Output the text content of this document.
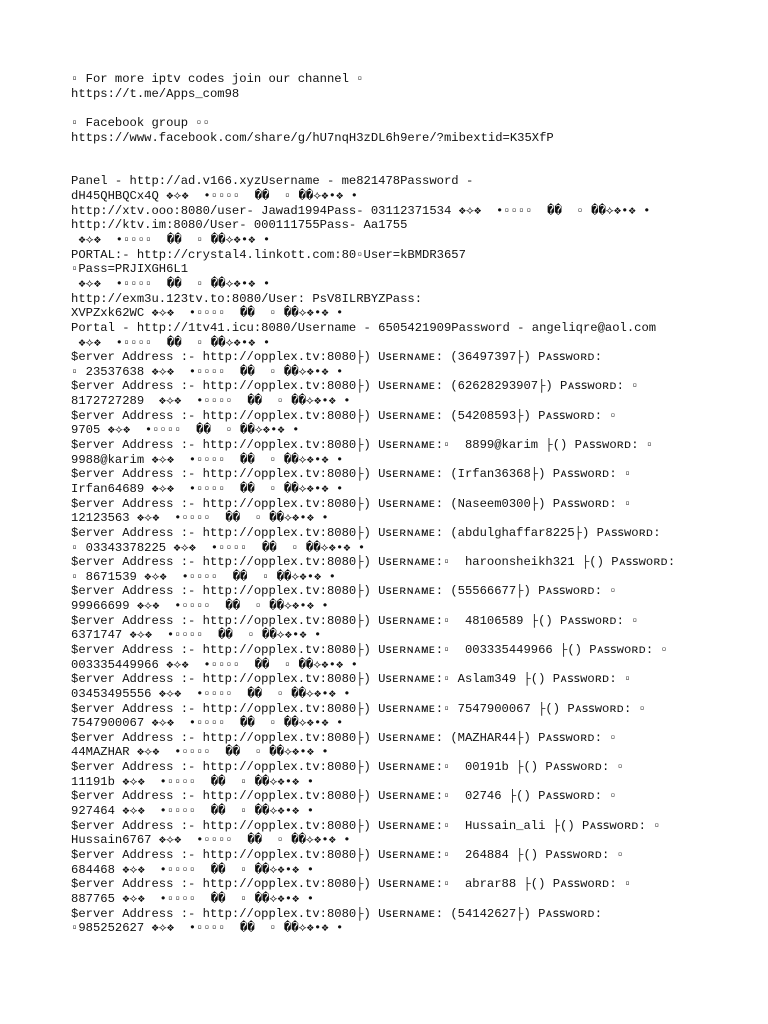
▫ For more iptv codes join our channel ▫
https://t.me/Apps_com98
▫ Facebook group ▫▫
https://www.facebook.com/share/g/hU7nqH3zDL6h9ere/?mibextid=K35XfP
Panel - http://ad.v166.xyzUsername - me821478Password -
dH45QHBQCx4Q ❖⟡❖  •▫▫▫▫  ��  ▫ ��⟡❖•❖ •
http://xtv.ooo:8080/user- Jawad1994Pass- 03112371534 ❖⟡❖  •▫▫▫▫  ��  ▫ ��⟡❖•❖ •
http://ktv.im:8080/User- 000111755Pass- Aa1755
❖⟡❖  •▫▫▫▫  ��  ▫ ��⟡❖•❖ •
PORTAL:- http://crystal4.linkott.com:80▫User=kBMDR3657
▫Pass=PRJIXGH6L1
❖⟡❖  •▫▫▫▫  ��  ▫ ��⟡❖•❖ •
http://exm3u.123tv.to:8080/User: PsV8ILRBYZPass:
XVPZxk62WC ❖⟡❖  •▫▫▫▫  ��  ▫ ��⟡❖•❖ •
Portal - http://1tv41.icu:8080/Username - 6505421909Password - angeliqre@aol.com
❖⟡❖  •▫▫▫▫  ��  ▫ ��⟡❖•❖ •
$erver Address :- http://opplex.tv:8080├) Uꜱᴇʀɴᴀᴍᴇ: (36497397├) Pᴀꜱꜱᴡᴏʀᴅ:
▫ 23537638 ❖⟡❖  •▫▫▫▫  ��  ▫ ��⟡❖•❖ •
$erver Address :- http://opplex.tv:8080├) Uꜱᴇʀɴᴀᴍᴇ: (62628293907├) Pᴀꜱꜱᴡᴏʀᴅ: ▫
8172727289  ❖⟡❖  •▫▫▫▫  ��  ▫ ��⟡❖•❖ •
$erver Address :- http://opplex.tv:8080├) Uꜱᴇʀɴᴀᴍᴇ: (54208593├) Pᴀꜱꜱᴡᴏʀᴅ: ▫
9705 ❖⟡❖  •▫▫▫▫  ��  ▫ ��⟡❖•❖ •
$erver Address :- http://opplex.tv:8080├) Uꜱᴇʀɴᴀᴍᴇ:▫  8899@karim ├() Pᴀꜱꜱᴡᴏʀᴅ: ▫
9988@karim ❖⟡❖  •▫▫▫▫  ��  ▫ ��⟡❖•❖ •
$erver Address :- http://opplex.tv:8080├) Uꜱᴇʀɴᴀᴍᴇ: (Irfan36368├) Pᴀꜱꜱᴡᴏʀᴅ: ▫
Irfan64689 ❖⟡❖  •▫▫▫▫  ��  ▫ ��⟡❖•❖ •
$erver Address :- http://opplex.tv:8080├) Uꜱᴇʀɴᴀᴍᴇ: (Naseem0300├) Pᴀꜱꜱᴡᴏʀᴅ: ▫
12123563 ❖⟡❖  •▫▫▫▫  ��  ▫ ��⟡❖•❖ •
$erver Address :- http://opplex.tv:8080├) Uꜱᴇʀɴᴀᴍᴇ: (abdulghaffar8225├) Pᴀꜱꜱᴡᴏʀᴅ:
▫ 03343378225 ❖⟡❖  •▫▫▫▫  ��  ▫ ��⟡❖•❖ •
$erver Address :- http://opplex.tv:8080├) Uꜱᴇʀɴᴀᴍᴇ:▫  haroonsheikh321 ├() Pᴀꜱꜱᴡᴏʀᴅ:
▫ 8671539 ❖⟡❖  •▫▫▫▫  ��  ▫ ��⟡❖•❖ •
$erver Address :- http://opplex.tv:8080├) Uꜱᴇʀɴᴀᴍᴇ: (55566677├) Pᴀꜱꜱᴡᴏʀᴅ: ▫
99966699 ❖⟡❖  •▫▫▫▫  ��  ▫ ��⟡❖•❖ •
$erver Address :- http://opplex.tv:8080├) Uꜱᴇʀɴᴀᴍᴇ:▫  48106589 ├() Pᴀꜱꜱᴡᴏʀᴅ: ▫
6371747 ❖⟡❖  •▫▫▫▫  ��  ▫ ��⟡❖•❖ •
$erver Address :- http://opplex.tv:8080├) Uꜱᴇʀɴᴀᴍᴇ:▫  003335449966 ├() Pᴀꜱꜱᴡᴏʀᴅ: ▫
003335449966 ❖⟡❖  •▫▫▫▫  ��  ▫ ��⟡❖•❖ •
$erver Address :- http://opplex.tv:8080├) Uꜱᴇʀɴᴀᴍᴇ:▫ Aslam349 ├() Pᴀꜱꜱᴡᴏʀᴅ: ▫
03453495556 ❖⟡❖  •▫▫▫▫  ��  ▫ ��⟡❖•❖ •
$erver Address :- http://opplex.tv:8080├) Uꜱᴇʀɴᴀᴍᴇ:▫ 7547900067 ├() Pᴀꜱꜱᴡᴏʀᴅ: ▫
7547900067 ❖⟡❖  •▫▫▫▫  ��  ▫ ��⟡❖•❖ •
$erver Address :- http://opplex.tv:8080├) Uꜱᴇʀɴᴀᴍᴇ: (MAZHAR44├) Pᴀꜱꜱᴡᴏʀᴅ: ▫
44MAZHAR ❖⟡❖  •▫▫▫▫  ��  ▫ ��⟡❖•❖ •
$erver Address :- http://opplex.tv:8080├) Uꜱᴇʀɴᴀᴍᴇ:▫  00191b ├() Pᴀꜱꜱᴡᴏʀᴅ: ▫
11191b ❖⟡❖  •▫▫▫▫  ��  ▫ ��⟡❖•❖ •
$erver Address :- http://opplex.tv:8080├) Uꜱᴇʀɴᴀᴍᴇ:▫  02746 ├() Pᴀꜱꜱᴡᴏʀᴅ: ▫
927464 ❖⟡❖  •▫▫▫▫  ��  ▫ ��⟡❖•❖ •
$erver Address :- http://opplex.tv:8080├) Uꜱᴇʀɴᴀᴍᴇ:▫  Hussain_ali ├() Pᴀꜱꜱᴡᴏʀᴅ: ▫
Hussain6767 ❖⟡❖  •▫▫▫▫  ��  ▫ ��⟡❖•❖ •
$erver Address :- http://opplex.tv:8080├) Uꜱᴇʀɴᴀᴍᴇ:▫  264884 ├() Pᴀꜱꜱᴡᴏʀᴅ: ▫
684468 ❖⟡❖  •▫▫▫▫  ��  ▫ ��⟡❖•❖ •
$erver Address :- http://opplex.tv:8080├) Uꜱᴇʀɴᴀᴍᴇ:▫  abrar88 ├() Pᴀꜱꜱᴡᴏʀᴅ: ▫
887765 ❖⟡❖  •▫▫▫▫  ��  ▫ ��⟡❖•❖ •
$erver Address :- http://opplex.tv:8080├) Uꜱᴇʀɴᴀᴍᴇ: (54142627├) Pᴀꜱꜱᴡᴏʀᴅ:
▫985252627 ❖⟡❖  •▫▫▫▫  ��  ▫ ��⟡❖•❖ •
